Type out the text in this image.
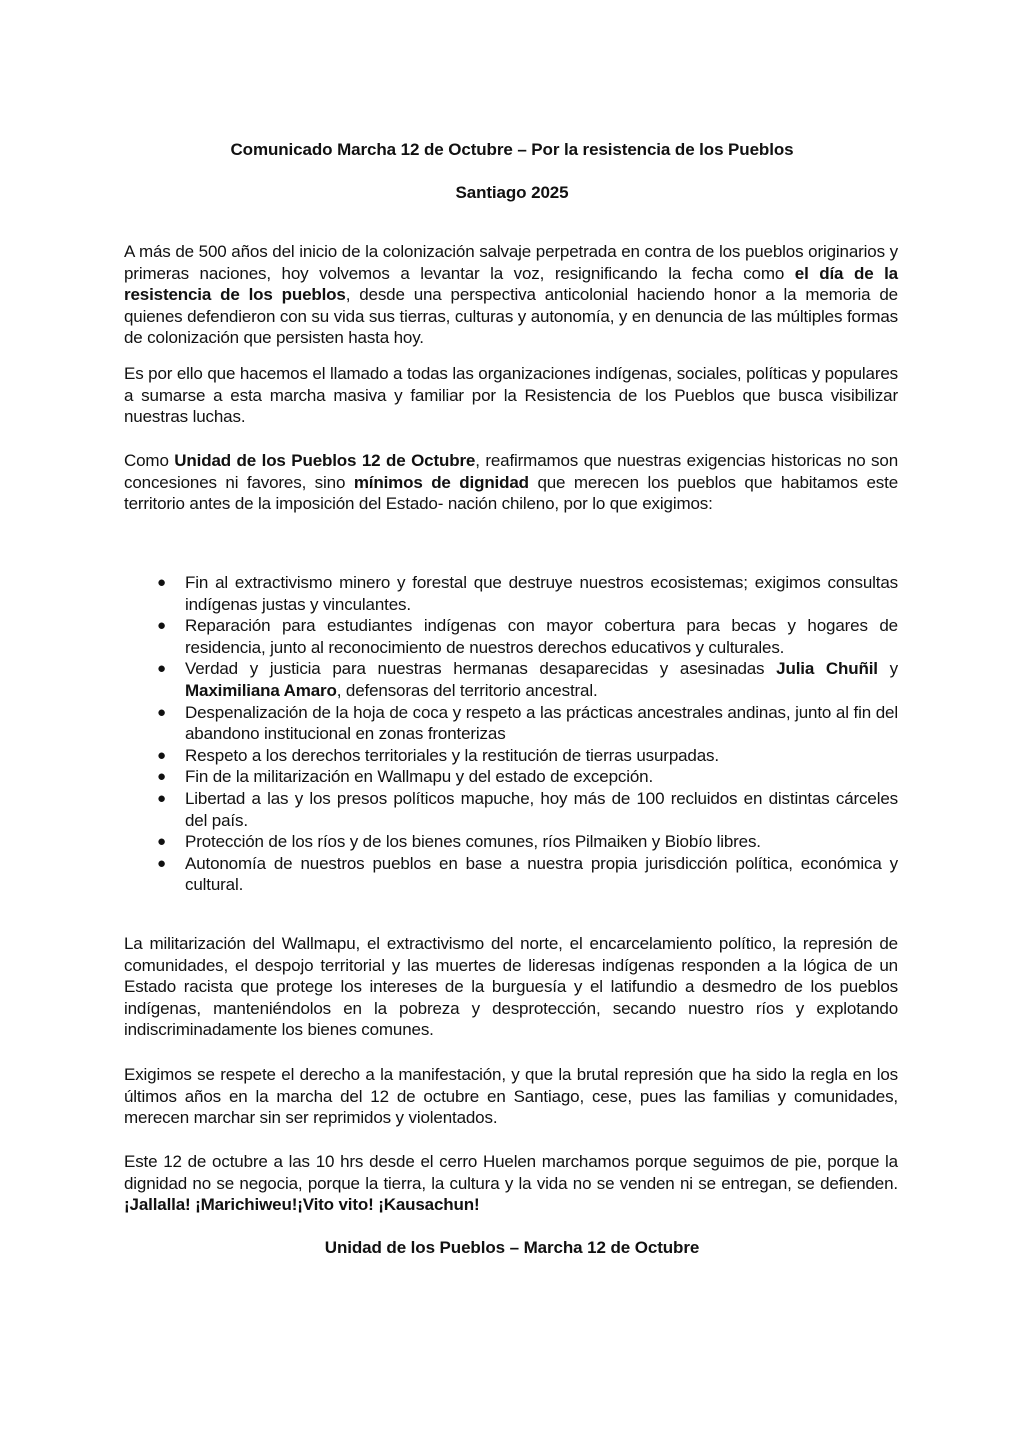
Comunicado Marcha 12 de Octubre – Por la resistencia de los Pueblos
Santiago 2025
A más de 500 años del inicio de la colonización salvaje perpetrada en contra de los pueblos originarios y primeras naciones, hoy volvemos a levantar la voz, resignificando la fecha como el día de la resistencia de los pueblos, desde una perspectiva anticolonial haciendo honor a la memoria de quienes defendieron con su vida sus tierras, culturas y autonomía, y en denuncia de las múltiples formas de colonización que persisten hasta hoy.
Es por ello que hacemos el llamado a todas las organizaciones indígenas, sociales, políticas y populares a sumarse a esta marcha masiva y familiar por la Resistencia de los Pueblos que busca visibilizar nuestras luchas.
Como Unidad de los Pueblos 12 de Octubre, reafirmamos que nuestras exigencias historicas no son concesiones ni favores, sino mínimos de dignidad que merecen los pueblos que habitamos este territorio antes de la imposición del Estado- nación chileno, por lo que exigimos:
● Fin al extractivismo minero y forestal que destruye nuestros ecosistemas; exigimos consultas indígenas justas y vinculantes.
● Reparación para estudiantes indígenas con mayor cobertura para becas y hogares de residencia, junto al reconocimiento de nuestros derechos educativos y culturales.
● Verdad y justicia para nuestras hermanas desaparecidas y asesinadas Julia Chuñil y Maximiliana Amaro, defensoras del territorio ancestral.
● Despenalización de la hoja de coca y respeto a las prácticas ancestrales andinas, junto al fin del abandono institucional en zonas fronterizas
● Respeto a los derechos territoriales y la restitución de tierras usurpadas.
● Fin de la militarización en Wallmapu y del estado de excepción.
● Libertad a las y los presos políticos mapuche, hoy más de 100 recluidos en distintas cárceles del país.
● Protección de los ríos y de los bienes comunes, ríos Pilmaiken y Biobío libres.
● Autonomía de nuestros pueblos en base a nuestra propia jurisdicción política, económica y cultural.
La militarización del Wallmapu, el extractivismo del norte, el encarcelamiento político, la represión de comunidades, el despojo territorial y las muertes de lideresas indígenas responden a la lógica de un Estado racista que protege los intereses de la burguesía y el latifundio a desmedro de los pueblos indígenas, manteniéndolos en la pobreza y desprotección, secando nuestro ríos y explotando indiscriminadamente los bienes comunes.
Exigimos se respete el derecho a la manifestación, y que la brutal represión que ha sido la regla en los últimos años en la marcha del 12 de octubre en Santiago, cese, pues las familias y comunidades, merecen marchar sin ser reprimidos y violentados.
Este 12 de octubre a las 10 hrs desde el cerro Huelen marchamos porque seguimos de pie, porque la dignidad no se negocia, porque la tierra, la cultura y la vida no se venden ni se entregan, se defienden. ¡Jallalla! ¡Marichiweu!¡Vito vito! ¡Kausachun!
Unidad de los Pueblos – Marcha 12 de Octubre
